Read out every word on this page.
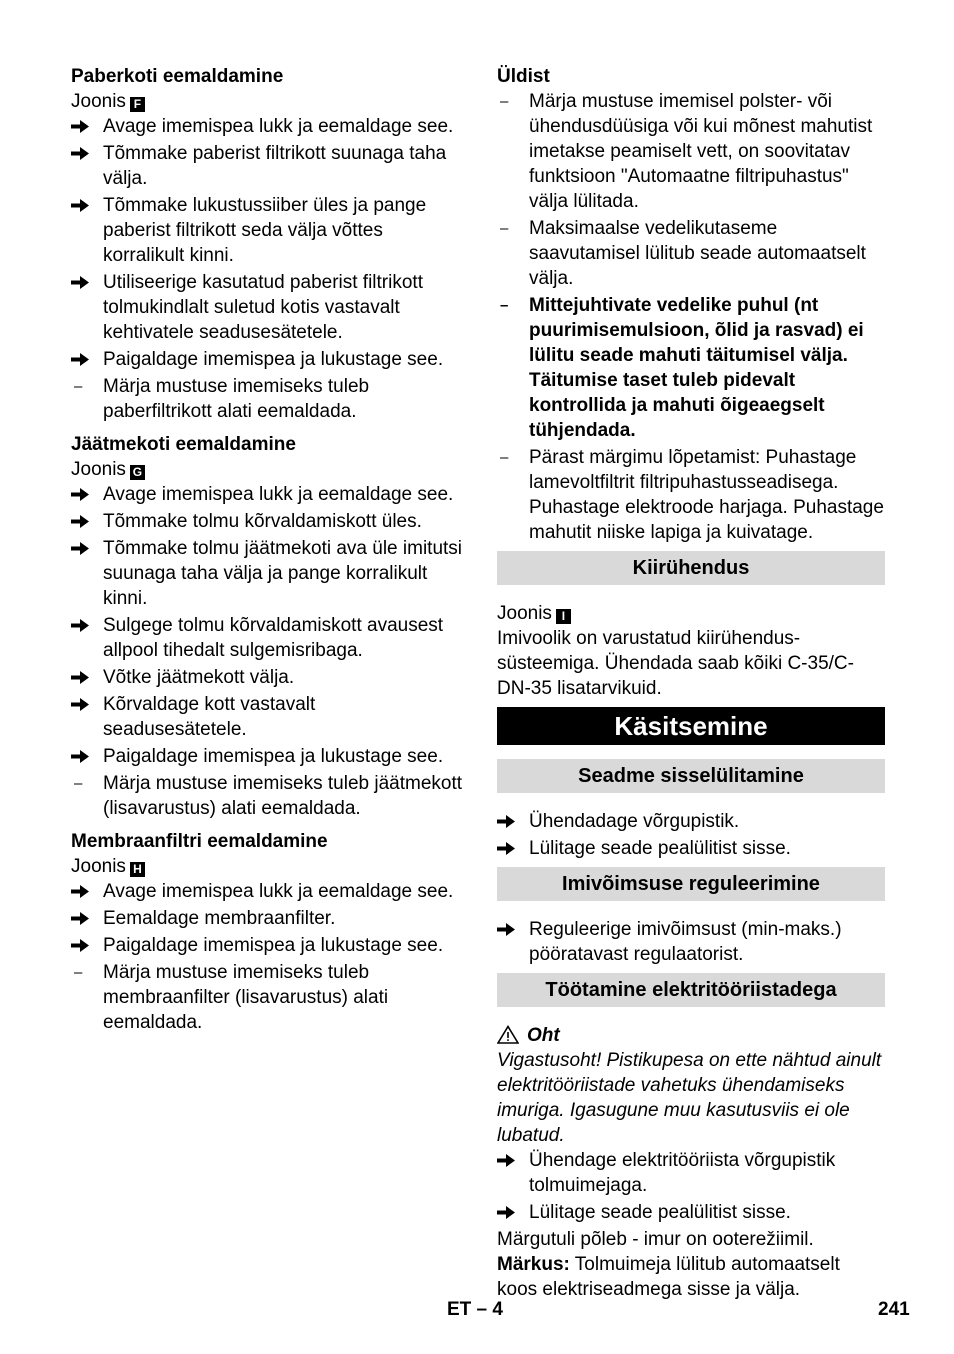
Paberkoti eemaldamine

Joonis F

Avage imemispea lukk ja eemaldage see.
Tõmmake paberist filtrikott suunaga taha välja.
Tõmmake lukustussiiber üles ja pange paberist filtrikott seda välja võttes korralikult kinni.
Utiliseerige kasutatud paberist filtrikott tolmukindlalt suletud kotis vastavalt kehtivatele seadusesätetele.
Paigaldage imemispea ja lukustage see.
–	Märja mustuse imemiseks tuleb paberfiltrikott alati eemaldada.

Jäätmekoti eemaldamine

Joonis G

Avage imemispea lukk ja eemaldage see.
Tõmmake tolmu kõrvaldamiskott üles.
Tõmmake tolmu jäätmekoti ava üle imitutsi suunaga taha välja ja pange korralikult kinni.
Sulgege tolmu kõrvaldamiskott avausest allpool tihedalt sulgemisribaga.
Võtke jäätmekott välja.
Kõrvaldage kott vastavalt seadusesätetele.
Paigaldage imemispea ja lukustage see.
–	Märja mustuse imemiseks tuleb jäätmekott (lisavarustus) alati eemaldada.

Membraanfiltri eemaldamine

Joonis H

Avage imemispea lukk ja eemaldage see.
Eemaldage membraanfilter.
Paigaldage imemispea ja lukustage see.
–	Märja mustuse imemiseks tuleb membraanfilter (lisavarustus) alati eemaldada.

Üldist

–	Märja mustuse imemisel polster- või ühendusdüüsiga või kui mõnest mahutist imetakse peamiselt vett, on soovitatav funktsioon "Automaatne filtripuhastus" välja lülitada.
–	Maksimaalse vedelikutaseme saavutamisel lülitub seade automaatselt välja.
–	Mittejuhtivate vedelike puhul (nt puurimisemulsioon, õlid ja rasvad) ei lülitu seade mahuti täitumisel välja. Täitumise taset tuleb pidevalt kontrollida ja mahuti õigeaegselt tühjendada.
–	Pärast märgimu lõpetamist: Puhastage lamevoltfiltrit filtripuhastusseadisega. Puhastage elektroode harjaga. Puhastage mahutit niiske lapiga ja kuivatage.
Kiirühendus

Joonis I

Imivoolik on varustatud kiirühendus-süsteemiga. Ühendada saab kõiki C-35/C-DN-35 lisatarvikuid.

Käsitsemine
Seadme sisselülitamine
Ühendadage võrgupistik.
Lülitage seade pealülitist sisse.
Imivõimsuse reguleerimine
Reguleerige imivõimsust (min-maks.) pööratavast regulaatorist.
Töötamine elektritööriistadega

Oht

Vigastusoht! Pistikupesa on ette nähtud ainult elektritööriistade vahetuks ühendamiseks imuriga. Igasugune muu kasutusviis ei ole lubatud.

Ühendage elektritööriista võrgupistik tolmuimejaga.
Lülitage seade pealülitist sisse.

Märgutuli põleb - imur on ooterežiimil.

Märkus: Tolmuimeja lülitub automaatselt koos elektriseadmega sisse ja välja.

ET – 4	241
